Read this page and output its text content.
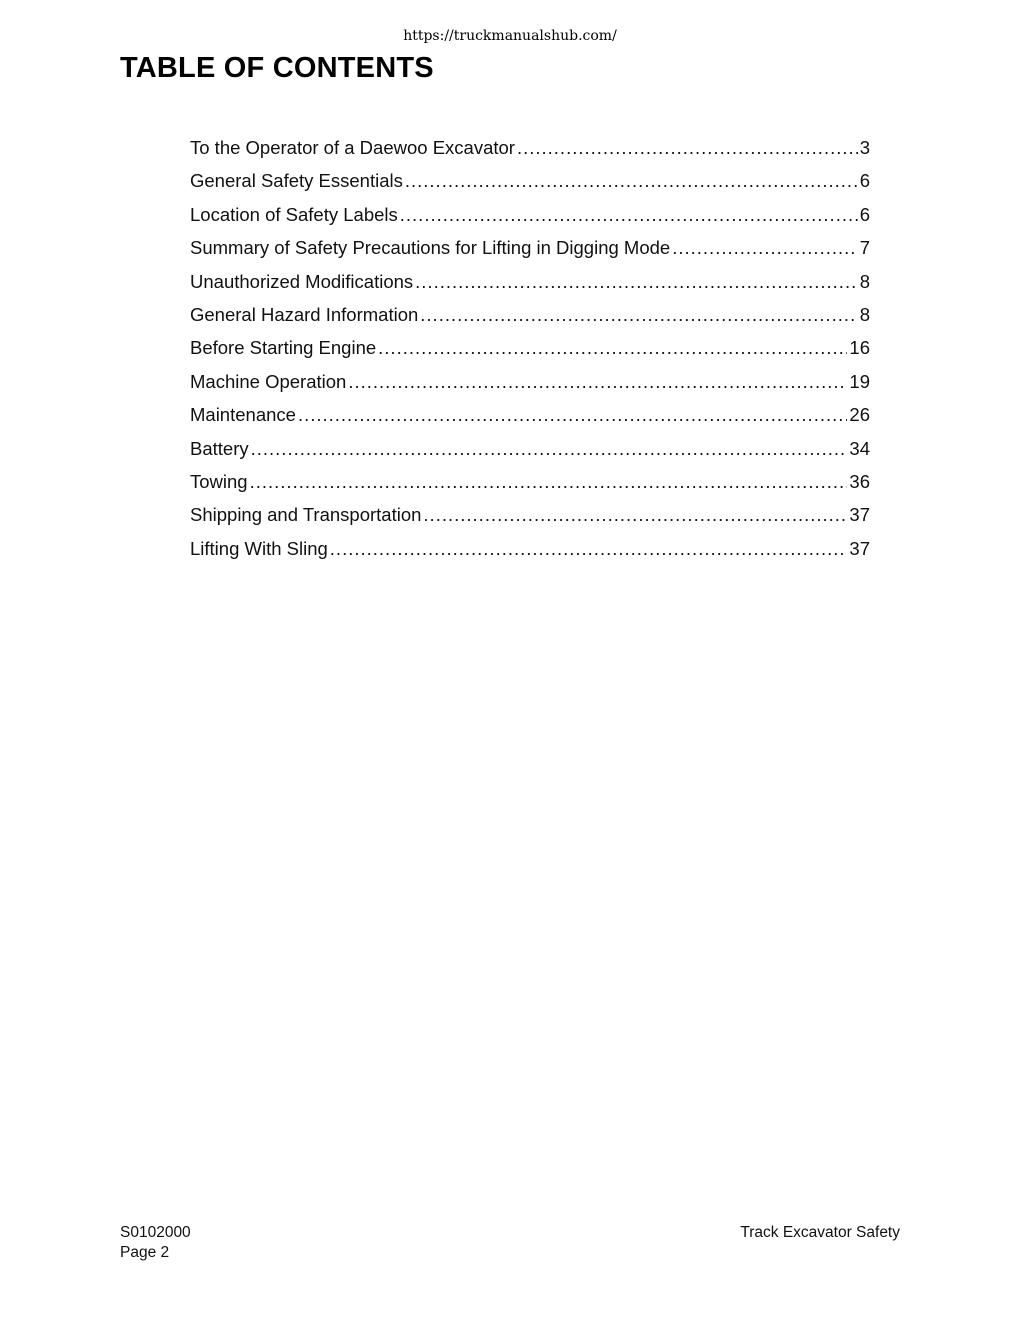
https://truckmanualshub.com/
TABLE OF CONTENTS
To the Operator of a Daewoo Excavator .....	3
General Safety Essentials .....	6
Location of Safety Labels .....	6
Summary of Safety Precautions for Lifting in Digging Mode .....	7
Unauthorized Modifications .....	8
General Hazard Information .....	8
Before Starting Engine .....	16
Machine Operation .....	19
Maintenance .....	26
Battery .....	34
Towing .....	36
Shipping and Transportation .....	37
Lifting With Sling .....	37
S0102000
Page 2
Track Excavator Safety
